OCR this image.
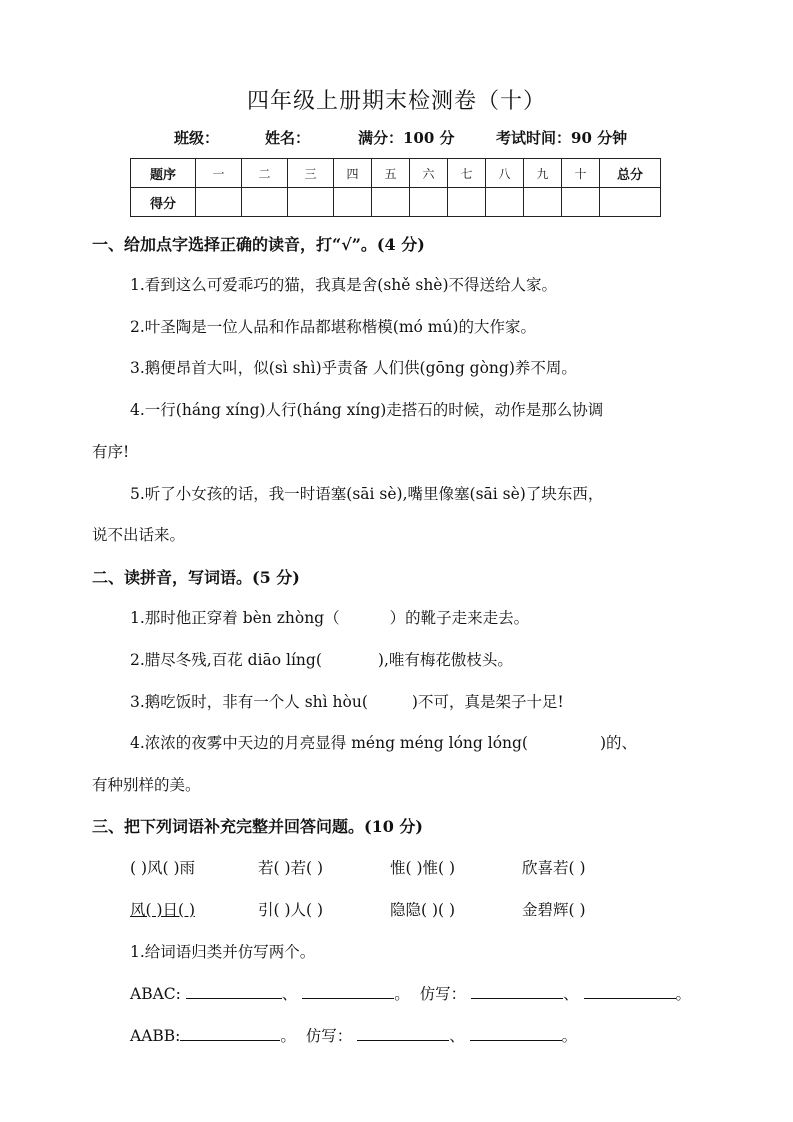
四年级上册期末检测卷（十）
班级：	姓名：	满分：100 分	考试时间：90 分钟
题序	一	二	三	四	五	六	七	八	九	十	总分
得分											
一、给加点字选择正确的读音，打“√”。(4 分)
1.看到这么可爱乖巧的猫，我真是舍(shě shè)不得送给人家。
2.叶圣陶是一位人品和作品都堪称楷模(mó mú)的大作家。
3.鹅便昂首大叫，似(sì shì)乎责备 人们供(gōng gòng)养不周。
4.一行(háng xíng)人行(háng xíng)走搭石的时候，动作是那么协调
有序!
5.听了小女孩的话，我一时语塞(sāi sè),嘴里像塞(sāi sè)了块东西，
说不出话来。
二、读拼音，写词语。(5 分)
1.那时他正穿着 bèn zhòng（	）的靴子走来走去。
2.腊尽冬残,百花 diāo líng(	),唯有梅花傲枝头。
3.鹅吃饭时，非有一个人 shì hòu(	)不可，真是架子十足!
4.浓浓的夜雾中天边的月亮显得 méng méng lóng lóng(	)的、
有种别样的美。
三、把下列词语补充完整并回答问题。(10 分)
( )风( )雨	若( )若( )	惟( )惟( )	欣喜若( )
风( )日( )	引( )人( )	隐隐( )( )	金碧辉( )
1.给词语归类并仿写两个。
ABAC:	、	。 仿写：	、	。
AABB:	。 仿写：	、	。
